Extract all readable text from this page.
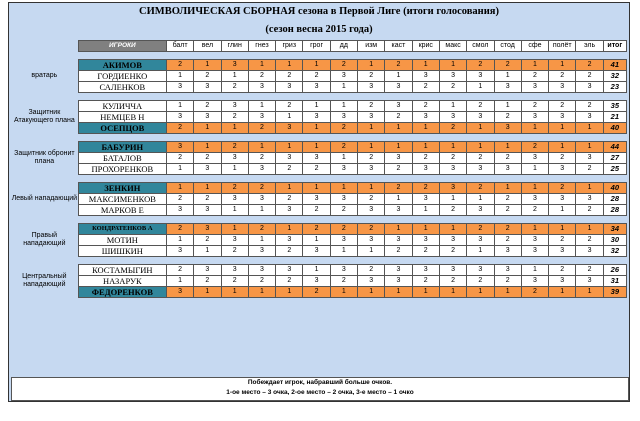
СИМВОЛИЧЕСКАЯ СБОРНАЯ сезона в Первой Лиге (итоги голосования)
(сезон весна 2015 года)
	ИГРОКИ	балт	вел	глин	гнез	гриз	грог	дд	изм	каст	крис	макс	смол	стод	сфе	полёт	эль	итог

вратарь	АКИМОВ	2	1	3	1	1	1	2	1	2	1	1	2	2	1	1	2	41
	ГОРДИЕНКО	1	2	1	2	2	2	3	2	1	3	3	3	1	2	2	2	32
	САЛЕНКОВ	3	3	2	3	3	3	1	3	3	2	2	1	3	3	3	3	23

Защитник Атакующего плана	КУЛИЧЧА	1	2	3	1	2	1	1	2	3	2	1	2	1	2	2	2	35
	НЕМЦЕВ Н	3	3	2	3	1	3	3	3	2	3	3	3	2	3	3	3	21
	ОСЕПЦОВ	2	1	1	2	3	1	2	1	1	1	2	1	3	1	1	1	40

Защитник обронит плана	БАБУРИН	3	1	2	1	1	1	2	1	1	1	1	1	1	2	1	1	44
	БАТАЛОВ	2	2	3	2	3	3	1	2	3	2	2	2	2	3	2	3	27
	ПРОХОРЕНКОВ	1	3	1	3	2	2	3	3	2	3	3	3	3	1	3	2	25

Левый нападающий	ЗЕНКИН	1	1	2	2	1	1	1	1	2	2	3	2	1	1	2	1	40
	МАКСИМЕНКОВ	2	2	3	3	2	3	3	2	1	3	1	1	2	3	3	3	28
	МАРКОВ Е	3	3	1	1	3	2	2	3	3	1	2	3	2	2	1	2	28

Правый нападающий	КОНДРАТЕНКОВ А	2	3	1	2	1	2	2	2	1	1	1	2	2	1	1	1	34
	МОТИН	1	2	3	1	3	1	3	3	3	3	3	3	2	3	2	2	30
	ШИШКИН	3	1	2	3	2	3	1	1	2	2	2	1	3	3	3	3	32

Центральный нападающий	КОСТАМЫГИН	2	3	3	3	3	1	3	2	3	3	3	3	3	1	2	2	26
	НАЗАРУК	1	2	2	2	2	3	2	3	3	2	2	2	2	3	3	3	31
	ФЕДОРЕНКОВ	3	1	1	1	1	2	1	1	1	1	1	1	1	2	1	1	39
Побеждает игрок, набравший больше очков.
1-ое место – 3 очка, 2-ое место – 2 очка, 3-е место – 1 очко
